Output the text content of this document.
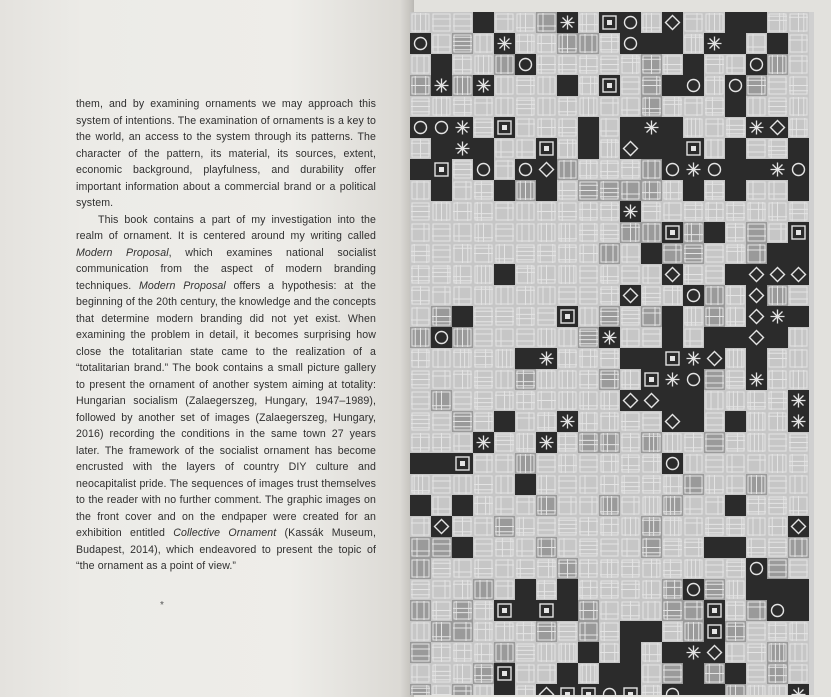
them, and by examining ornaments we may approach this system of intentions. The examination of ornaments is a key to the world, an access to the system through its patterns. The character of the pattern, its material, its sources, extent, economic background, playfulness, and durability offer important information about a commercial brand or a political system.

This book contains a part of my investigation into the realm of ornament. It is centered around my writing called Modern Proposal, which examines national socialist communication from the aspect of modern branding techniques. Modern Proposal offers a hypothesis: at the beginning of the 20th century, the knowledge and the concepts that determine modern branding did not yet exist. When examining the problem in detail, it becomes surprising how close the totalitarian state came to the realization of a “totalitarian brand.” The book contains a small picture gallery to present the ornament of another system aiming at totality: Hungarian socialism (Zalaegerszeg, Hungary, 1947–1989), followed by another set of images (Zalaegerszeg, Hungary, 2016) recording the conditions in the same town 27 years later. The framework of the socialist ornament has become encrusted with the layers of country DIY culture and neocapitalist pride. The sequences of images trust themselves to the reader with no further comment. The graphic images on the front cover and on the endpaper were created for an exhibition entitled Collective Ornament (Kassák Museum, Budapest, 2014), which endeavored to present the topic of “the ornament as a point of view.”

*
